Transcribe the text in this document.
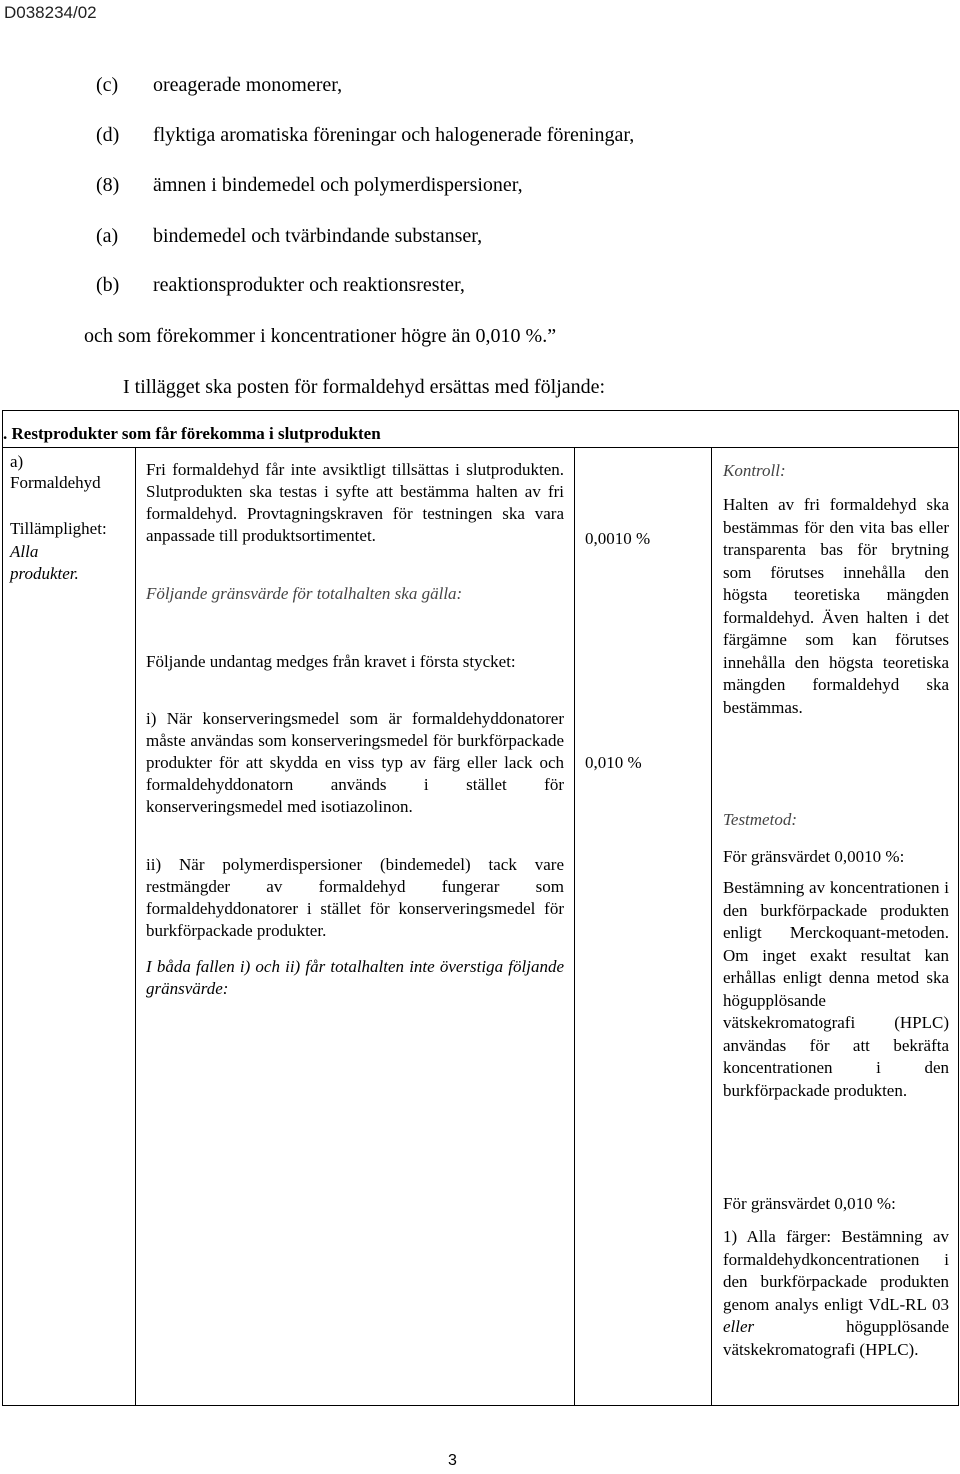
D038234/02
(c) oreagerade monomerer,
(d) flyktiga aromatiska föreningar och halogenerade föreningar,
(8) ämnen i bindemedel och polymerdispersioner,
(a) bindemedel och tvärbindande substanser,
(b) reaktionsprodukter och reaktionsrester,
och som förekommer i koncentrationer högre än 0,010 %.”
I tillägget ska posten för formaldehyd ersättas med följande:
. Restprodukter som får förekomma i slutprodukten
a)
Formaldehyd
Tillämplighet:
Alla
produkter.

Fri formaldehyd får inte avsiktligt tillsättas i slutprodukten. Slutprodukten ska testas i syfte att bestämma halten av fri formaldehyd. Provtagningskraven för testningen ska vara anpassade till produktsortimentet.

Följande gränsvärde för totalhalten ska gälla:

Följande undantag medges från kravet i första stycket:

i) När konserveringsmedel som är formaldehyddonatorer måste användas som konserveringsmedel för burkförpackade produkter för att skydda en viss typ av färg eller lack och formaldehyddonatorn används i stället för konserveringsmedel med isotiazolinon.

ii) När polymerdispersioner (bindemedel) tack vare restmängder av formaldehyd fungerar som formaldehyddonatorer i stället för konserveringsmedel för burkförpackade produkter.

I båda fallen i) och ii) får totalhalten inte överstiga följande gränsvärde:

0,0010 %
0,010 %
Kontroll:

Halten av fri formaldehyd ska bestämmas för den vita bas eller transparenta bas för brytning som förutses innehålla den högsta teoretiska mängden formaldehyd. Även halten i det färgämne som kan förutses innehålla den högsta teoretiska mängden formaldehyd ska bestämmas.

Testmetod:
För gränsvärdet 0,0010 %:

Bestämning av koncentrationen i den burkförpackade produkten enligt Merckoquant-metoden. Om inget exakt resultat kan erhållas enligt denna metod ska högupplösande vätskekromatografi (HPLC) användas för att bekräfta koncentrationen i den burkförpackade produkten.

För gränsvärdet 0,010 %:

1) Alla färger: Bestämning av formaldehydkoncentrationen i den burkförpackade produkten genom analys enligt VdL-RL 03 eller högupplösande vätskekromatografi (HPLC).

3
